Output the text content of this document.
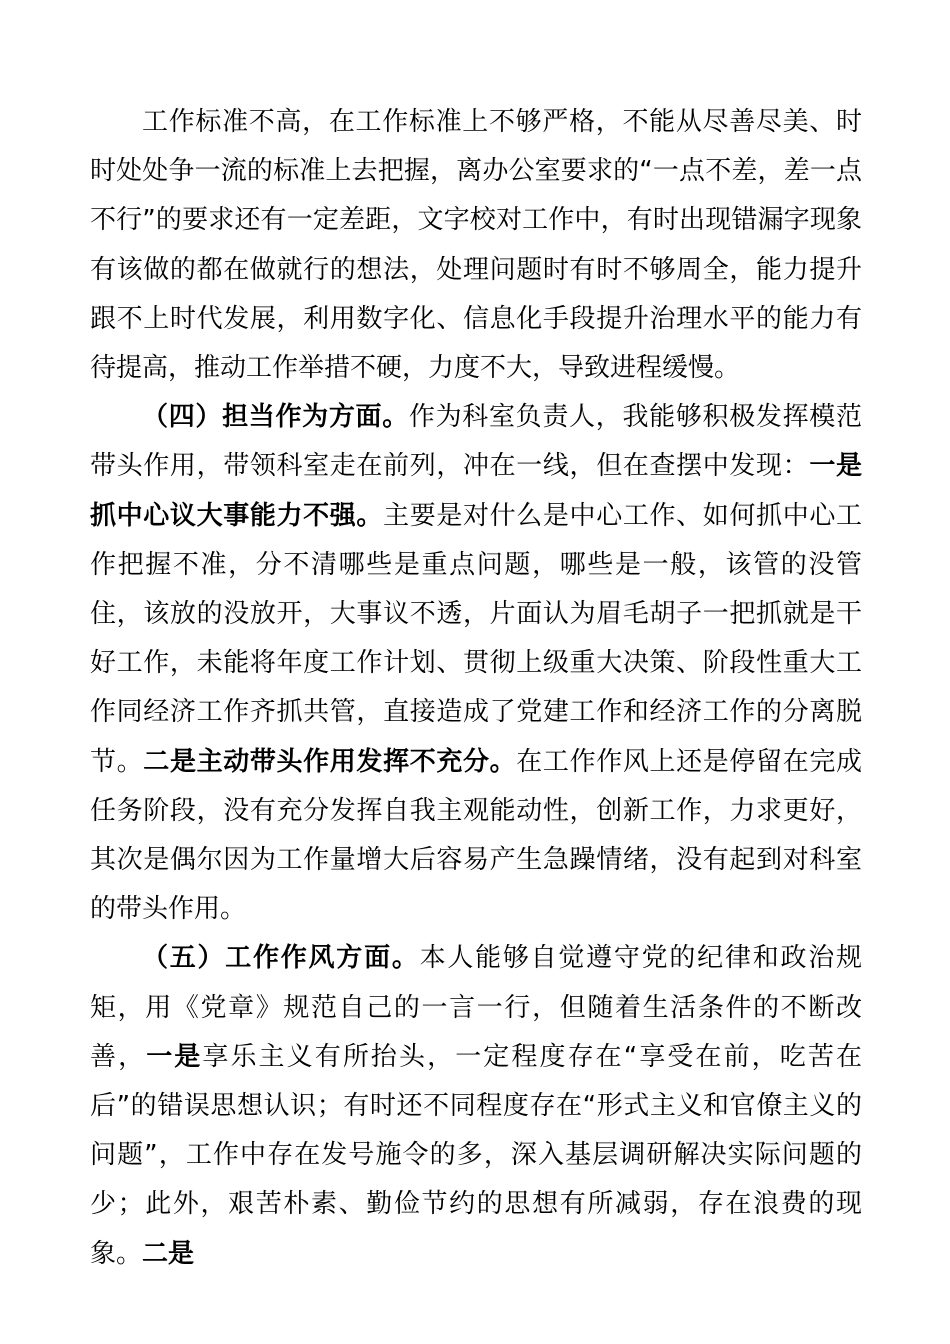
工作标准不高，在工作标准上不够严格，不能从尽善尽美、时时处处争一流的标准上去把握，离办公室要求的“一点不差，差一点不行”的要求还有一定差距，文字校对工作中，有时出现错漏字现象有该做的都在做就行的想法，处理问题时有时不够周全，能力提升跟不上时代发展，利用数字化、信息化手段提升治理水平的能力有待提高，推动工作举措不硬，力度不大，导致进程缓慢。

（四）担当作为方面。作为科室负责人，我能够积极发挥模范带头作用，带领科室走在前列，冲在一线，但在查摆中发现：一是抓中心议大事能力不强。主要是对什么是中心工作、如何抓中心工作把握不准，分不清哪些是重点问题，哪些是一般，该管的没管住，该放的没放开，大事议不透，片面认为眉毛胡子一把抓就是干好工作，未能将年度工作计划、贯彻上级重大决策、阶段性重大工作同经济工作齐抓共管，直接造成了党建工作和经济工作的分离脱节。二是主动带头作用发挥不充分。在工作作风上还是停留在完成任务阶段，没有充分发挥自我主观能动性，创新工作，力求更好，其次是偶尔因为工作量增大后容易产生急躁情绪，没有起到对科室的带头作用。

（五）工作作风方面。本人能够自觉遵守党的纪律和政治规矩，用《党章》规范自己的一言一行，但随着生活条件的不断改善，一是享乐主义有所抬头，一定程度存在“享受在前，吃苦在后”的错误思想认识；有时还不同程度存在“形式主义和官僚主义的问题”，工作中存在发号施令的多，深入基层调研解决实际问题的少；此外，艰苦朴素、勤俭节约的思想有所减弱，存在浪费的现象。二是
